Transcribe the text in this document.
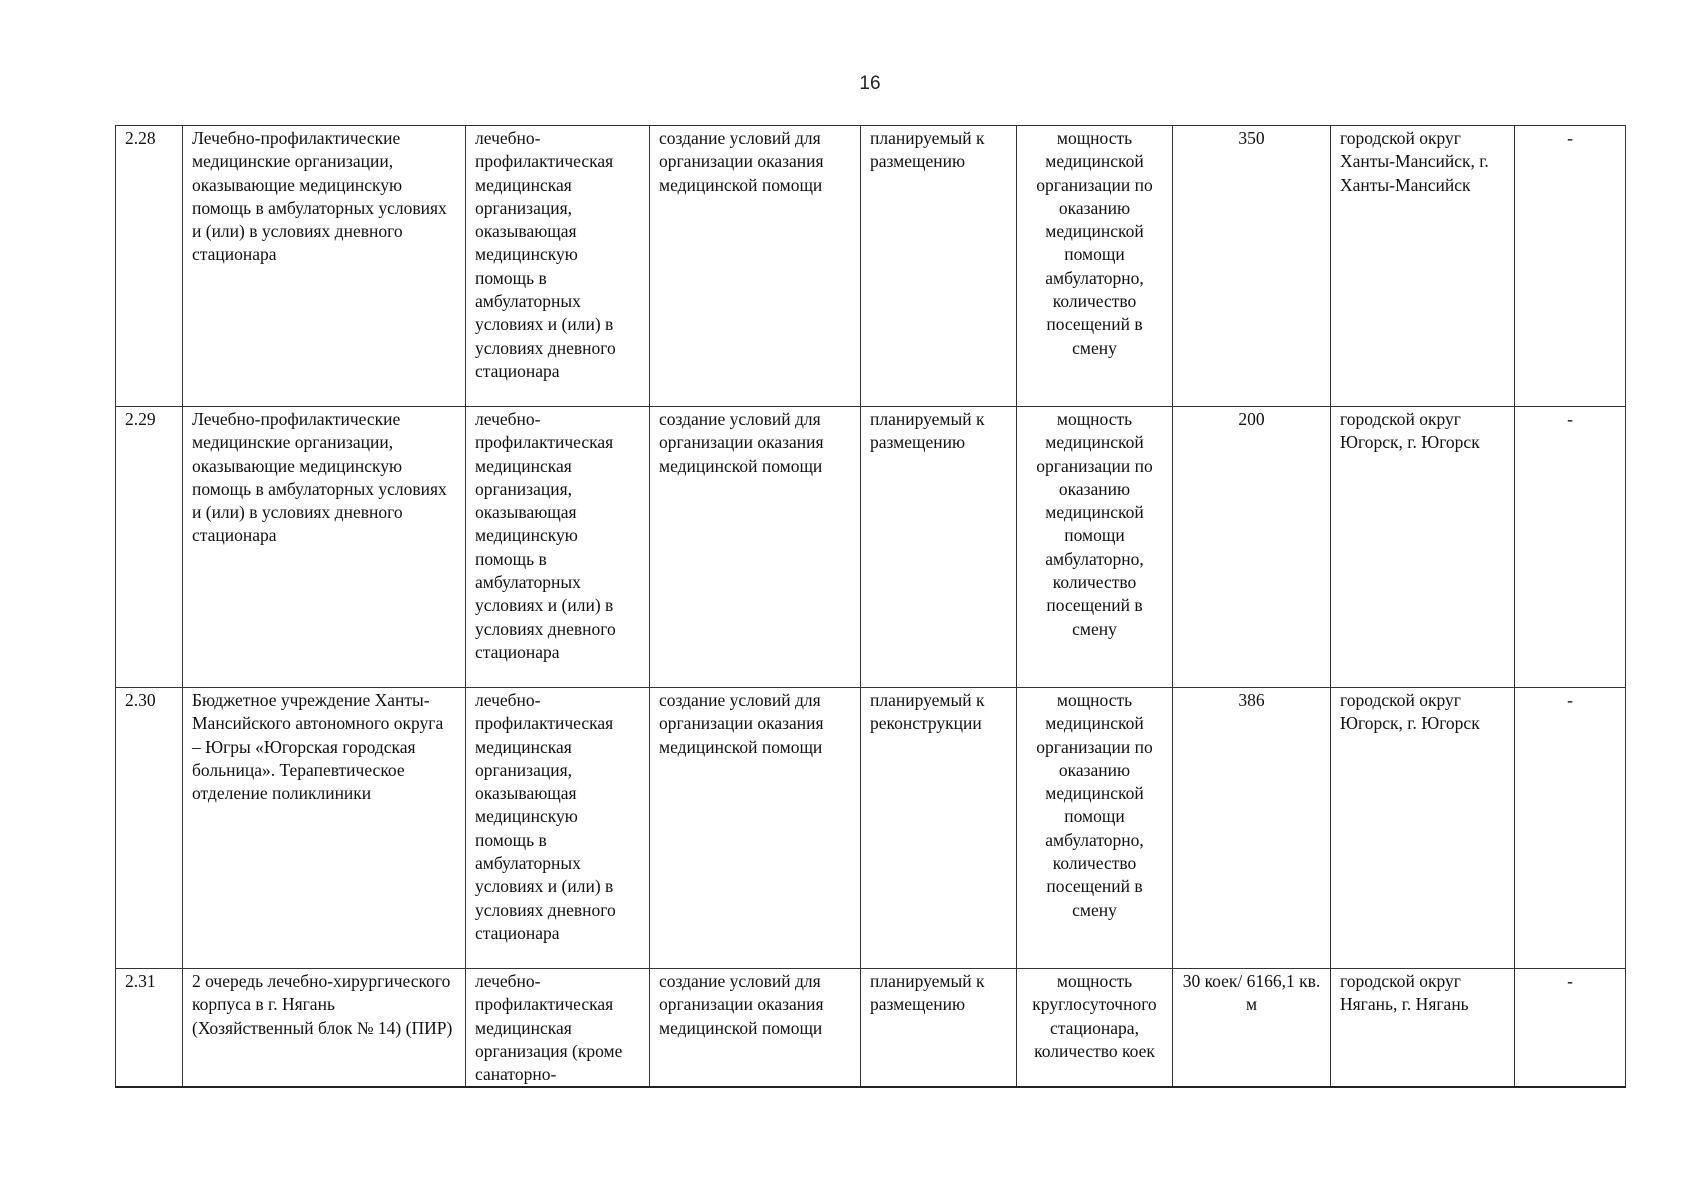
16
2.28	Лечебно-профилактические медицинские организации, оказывающие медицинскую помощь в амбулаторных условиях и (или) в условиях дневного стационара	лечебно-профилактическая медицинская организация, оказывающая медицинскую помощь в амбулаторных условиях и (или) в условиях дневного стационара	создание условий для организации оказания медицинской помощи	планируемый к размещению	мощность медицинской организации по оказанию медицинской помощи амбулаторно, количество посещений в смену	350	городской округ Ханты-Мансийск, г. Ханты-Мансийск	-
2.29	Лечебно-профилактические медицинские организации, оказывающие медицинскую помощь в амбулаторных условиях и (или) в условиях дневного стационара	лечебно-профилактическая медицинская организация, оказывающая медицинскую помощь в амбулаторных условиях и (или) в условиях дневного стационара	создание условий для организации оказания медицинской помощи	планируемый к размещению	мощность медицинской организации по оказанию медицинской помощи амбулаторно, количество посещений в смену	200	городской округ Югорск, г. Югорск	-
2.30	Бюджетное учреждение Ханты-Мансийского автономного округа – Югры «Югорская городская больница». Терапевтическое отделение поликлиники	лечебно-профилактическая медицинская организация, оказывающая медицинскую помощь в амбулаторных условиях и (или) в условиях дневного стационара	создание условий для организации оказания медицинской помощи	планируемый к реконструкции	мощность медицинской организации по оказанию медицинской помощи амбулаторно, количество посещений в смену	386	городской округ Югорск, г. Югорск	-
2.31	2 очередь лечебно-хирургического корпуса в г. Нягань (Хозяйственный блок № 14) (ПИР)	лечебно-профилактическая медицинская организация (кроме санаторно-	создание условий для организации оказания медицинской помощи	планируемый к размещению	мощность круглосуточного стационара, количество коек	30 коек/ 6166,1 кв. м	городской округ Нягань, г. Нягань	-
